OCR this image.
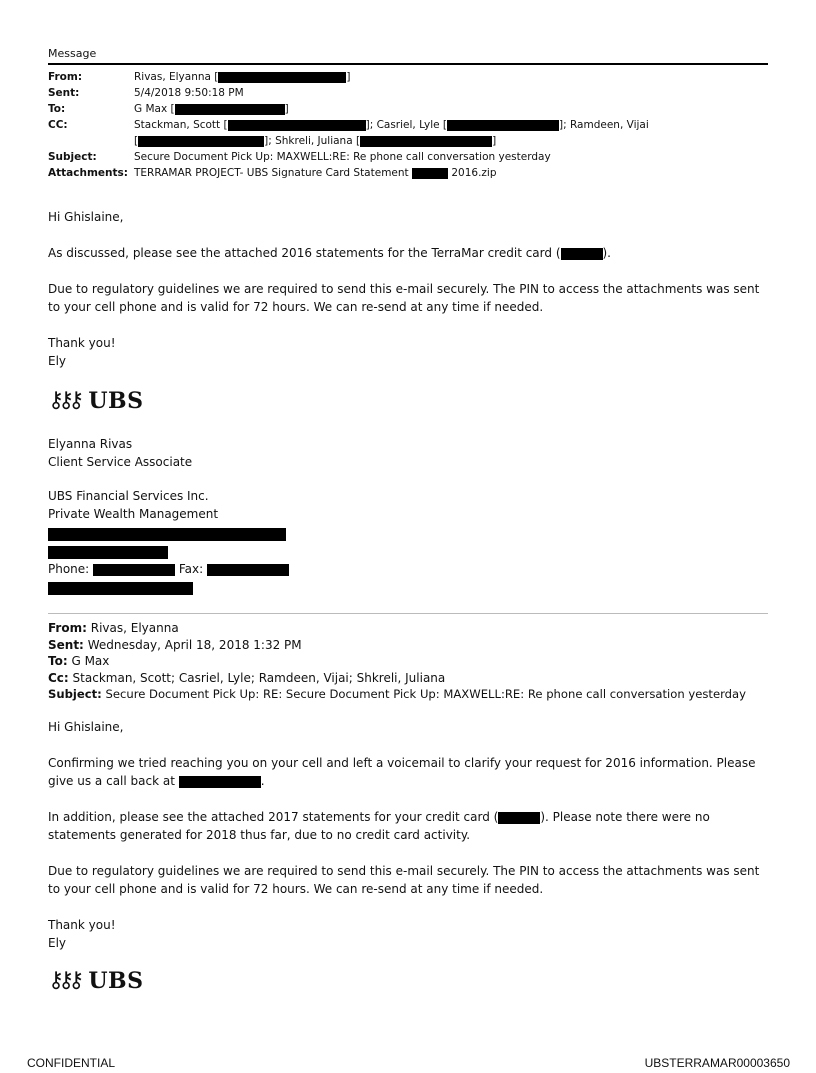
Message
From:	Rivas, Elyanna [ ]
Sent:	5/4/2018 9:50:18 PM
To:	G Max [ ]
CC:	Stackman, Scott [ ]; Casriel, Lyle [ ]; Ramdeen, Vijai
[ ]; Shkreli, Juliana [ ]

Subject:	Secure Document Pick Up: MAXWELL:RE: Re phone call conversation yesterday
Attachments:	TERRAMAR PROJECT- UBS Signature Card Statement 2016.zip
Hi Ghislaine,
As discussed, please see the attached 2016 statements for the TerraMar credit card (	).
Due to regulatory guidelines we are required to send this e-mail securely. The PIN to access the attachments was sent to your cell phone and is valid for 72 hours. We can re-send at any time if needed.
Thank you!
Ely
⚷⚷⚷ UBS
Elyanna Rivas
Client Service Associate
UBS Financial Services Inc.
Private Wealth Management
Phone:	Fax:
From: Rivas, Elyanna
Sent: Wednesday, April 18, 2018 1:32 PM
To: G Max
Cc: Stackman, Scott; Casriel, Lyle; Ramdeen, Vijai; Shkreli, Juliana
Subject: Secure Document Pick Up: RE: Secure Document Pick Up: MAXWELL:RE: Re phone call conversation yesterday
Hi Ghislaine,
Confirming we tried reaching you on your cell and left a voicemail to clarify your request for 2016 information. Please give us a call back at	.
In addition, please see the attached 2017 statements for your credit card (	). Please note there were no statements generated for 2018 thus far, due to no credit card activity.
Due to regulatory guidelines we are required to send this e-mail securely. The PIN to access the attachments was sent to your cell phone and is valid for 72 hours. We can re-send at any time if needed.
Thank you!
Ely
⚷⚷⚷ UBS
CONFIDENTIAL	UBSTERRAMAR00003650
